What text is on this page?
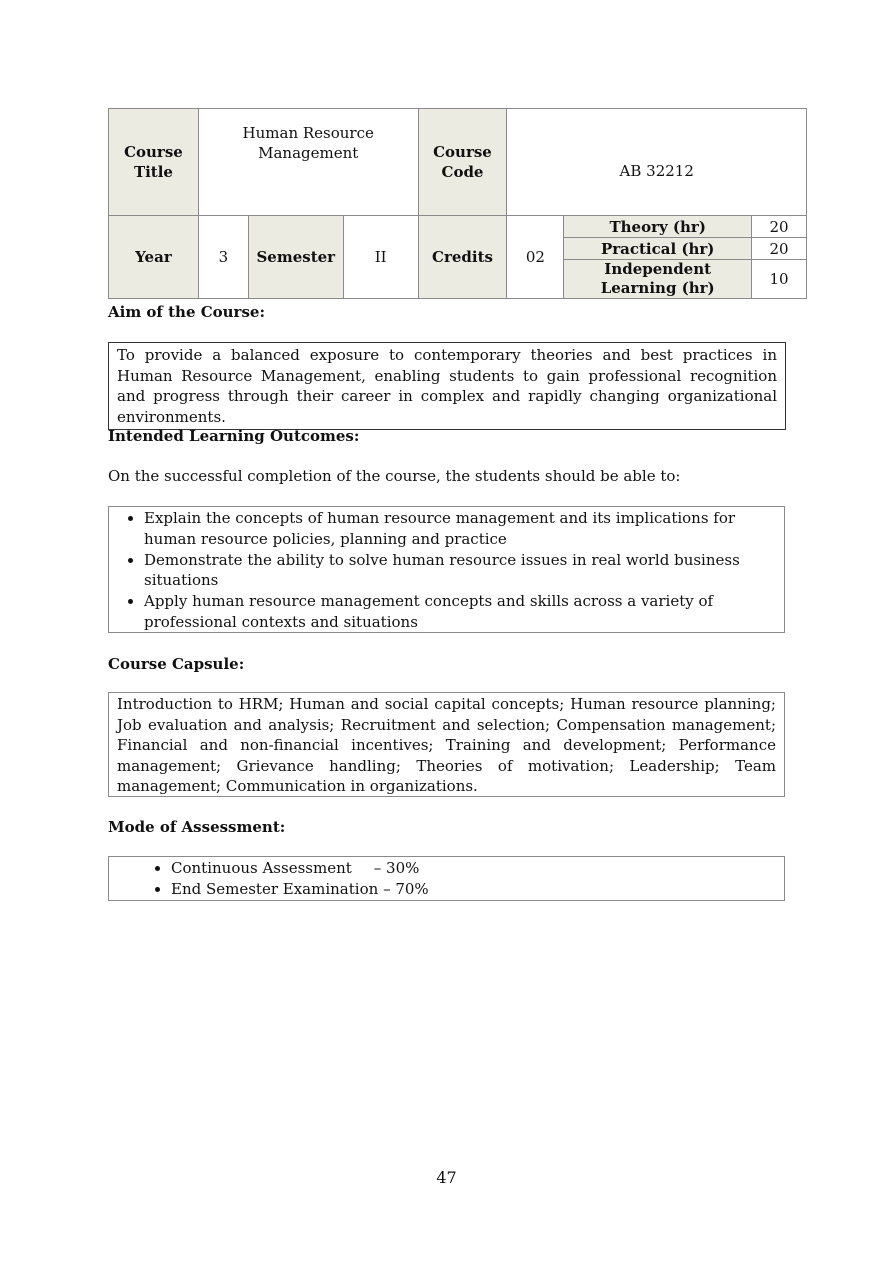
Course Title	Human Resource Management			Course Code	AB 32212		
Year	3	Semester	II	Credits	02	Theory (hr)	20
						Practical (hr)	20
						Independent Learning (hr)	10
Aim of the Course:
To provide a balanced exposure to contemporary theories and best practices in Human Resource Management, enabling students to gain professional recognition and progress through their career in complex and rapidly changing organizational environments.
Intended Learning Outcomes:
On the successful completion of the course, the students should be able to:
• Explain the concepts of human resource management and its implications for human resource policies, planning and practice
• Demonstrate the ability to solve human resource issues in real world business situations
• Apply human resource management concepts and skills across a variety of professional contexts and situations
Course Capsule:
Introduction to HRM; Human and social capital concepts; Human resource planning; Job evaluation and analysis; Recruitment and selection; Compensation management; Financial and non-financial incentives; Training and development; Performance management; Grievance handling; Theories of motivation; Leadership; Team management; Communication in organizations.
Mode of Assessment:
• Continuous Assessment – 30%
• End Semester Examination – 70%
47
